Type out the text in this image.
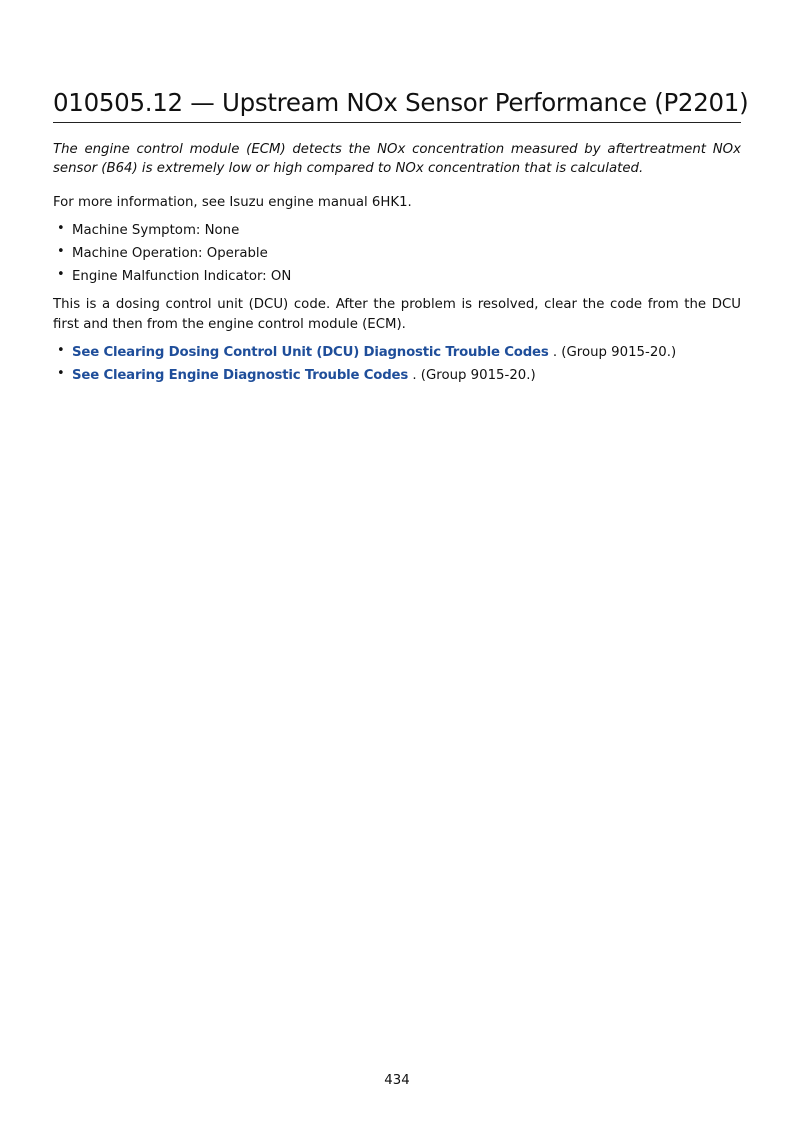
010505.12 — Upstream NOx Sensor Performance (P2201)

The engine control module (ECM) detects the NOx concentration measured by aftertreatment NOx sensor (B64) is extremely low or high compared to NOx concentration that is calculated.

For more information, see Isuzu engine manual 6HK1.

• Machine Symptom: None
• Machine Operation: Operable
• Engine Malfunction Indicator: ON

This is a dosing control unit (DCU) code. After the problem is resolved, clear the code from the DCU first and then from the engine control module (ECM).

• See Clearing Dosing Control Unit (DCU) Diagnostic Trouble Codes . (Group 9015-20.)
• See Clearing Engine Diagnostic Trouble Codes . (Group 9015-20.)
434
